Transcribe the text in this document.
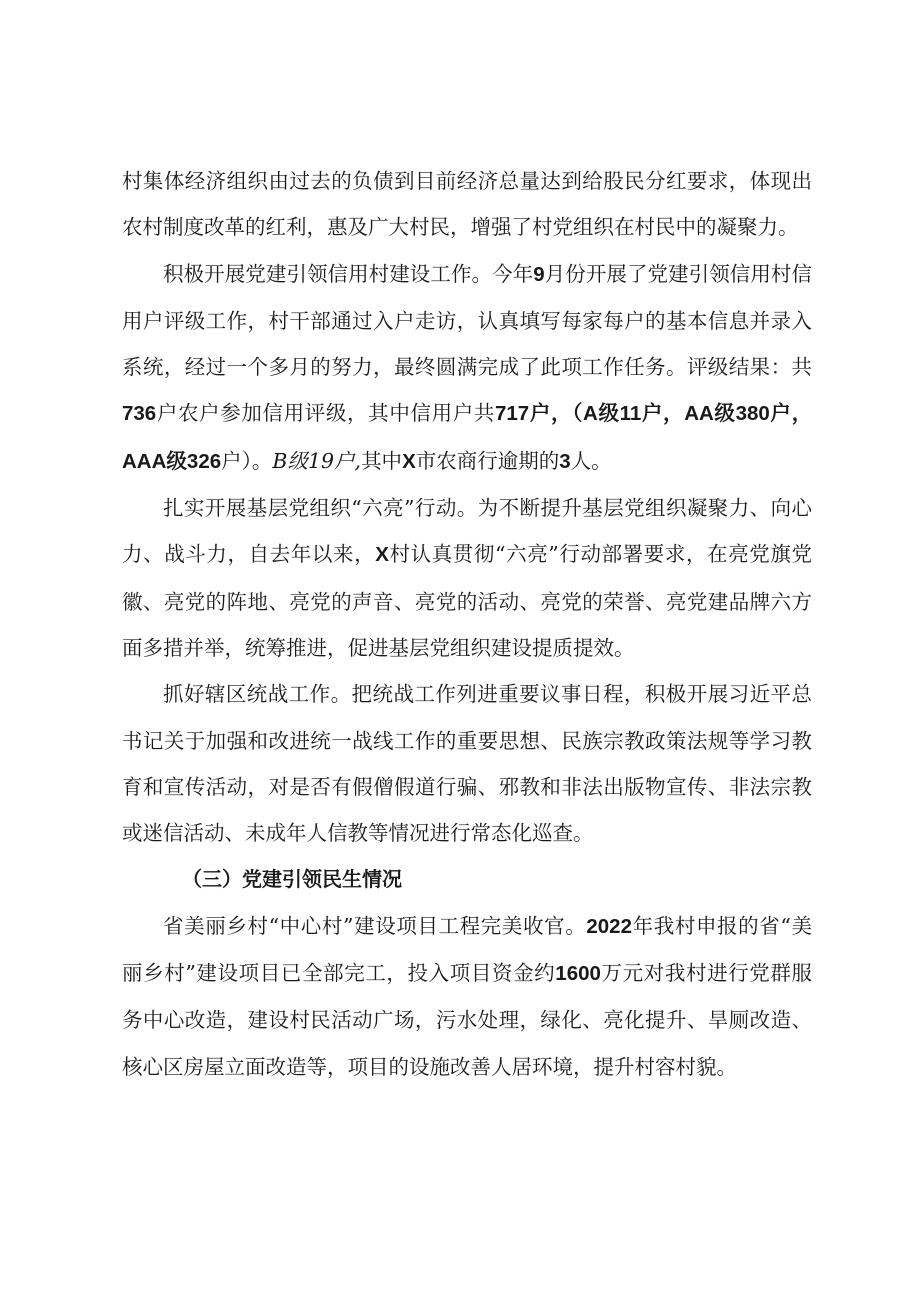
村集体经济组织由过去的负债到目前经济总量达到给股民分红要求，体现出农村制度改革的红利，惠及广大村民，增强了村党组织在村民中的凝聚力。

积极开展党建引领信用村建设工作。今年9月份开展了党建引领信用村信用户评级工作，村干部通过入户走访，认真填写每家每户的基本信息并录入系统，经过一个多月的努力，最终圆满完成了此项工作任务。评级结果：共736户农户参加信用评级，其中信用户共717户，（A级11户，AA级380户，AAA级326户）。B级19户,其中X市农商行逾期的3人。

扎实开展基层党组织“六亮”行动。为不断提升基层党组织凝聚力、向心力、战斗力，自去年以来，X村认真贯彻“六亮”行动部署要求，在亮党旗党徽、亮党的阵地、亮党的声音、亮党的活动、亮党的荣誉、亮党建品牌六方面多措并举，统筹推进，促进基层党组织建设提质提效。

抓好辖区统战工作。把统战工作列进重要议事日程，积极开展习近平总书记关于加强和改进统一战线工作的重要思想、民族宗教政策法规等学习教育和宣传活动，对是否有假僧假道行骗、邪教和非法出版物宣传、非法宗教或迷信活动、未成年人信教等情况进行常态化巡查。

（三）党建引领民生情况

省美丽乡村“中心村”建设项目工程完美收官。2022年我村申报的省“美丽乡村”建设项目已全部完工，投入项目资金约1600万元对我村进行党群服务中心改造，建设村民活动广场，污水处理，绿化、亮化提升、旱厕改造、核心区房屋立面改造等，项目的设施改善人居环境，提升村容村貌。
